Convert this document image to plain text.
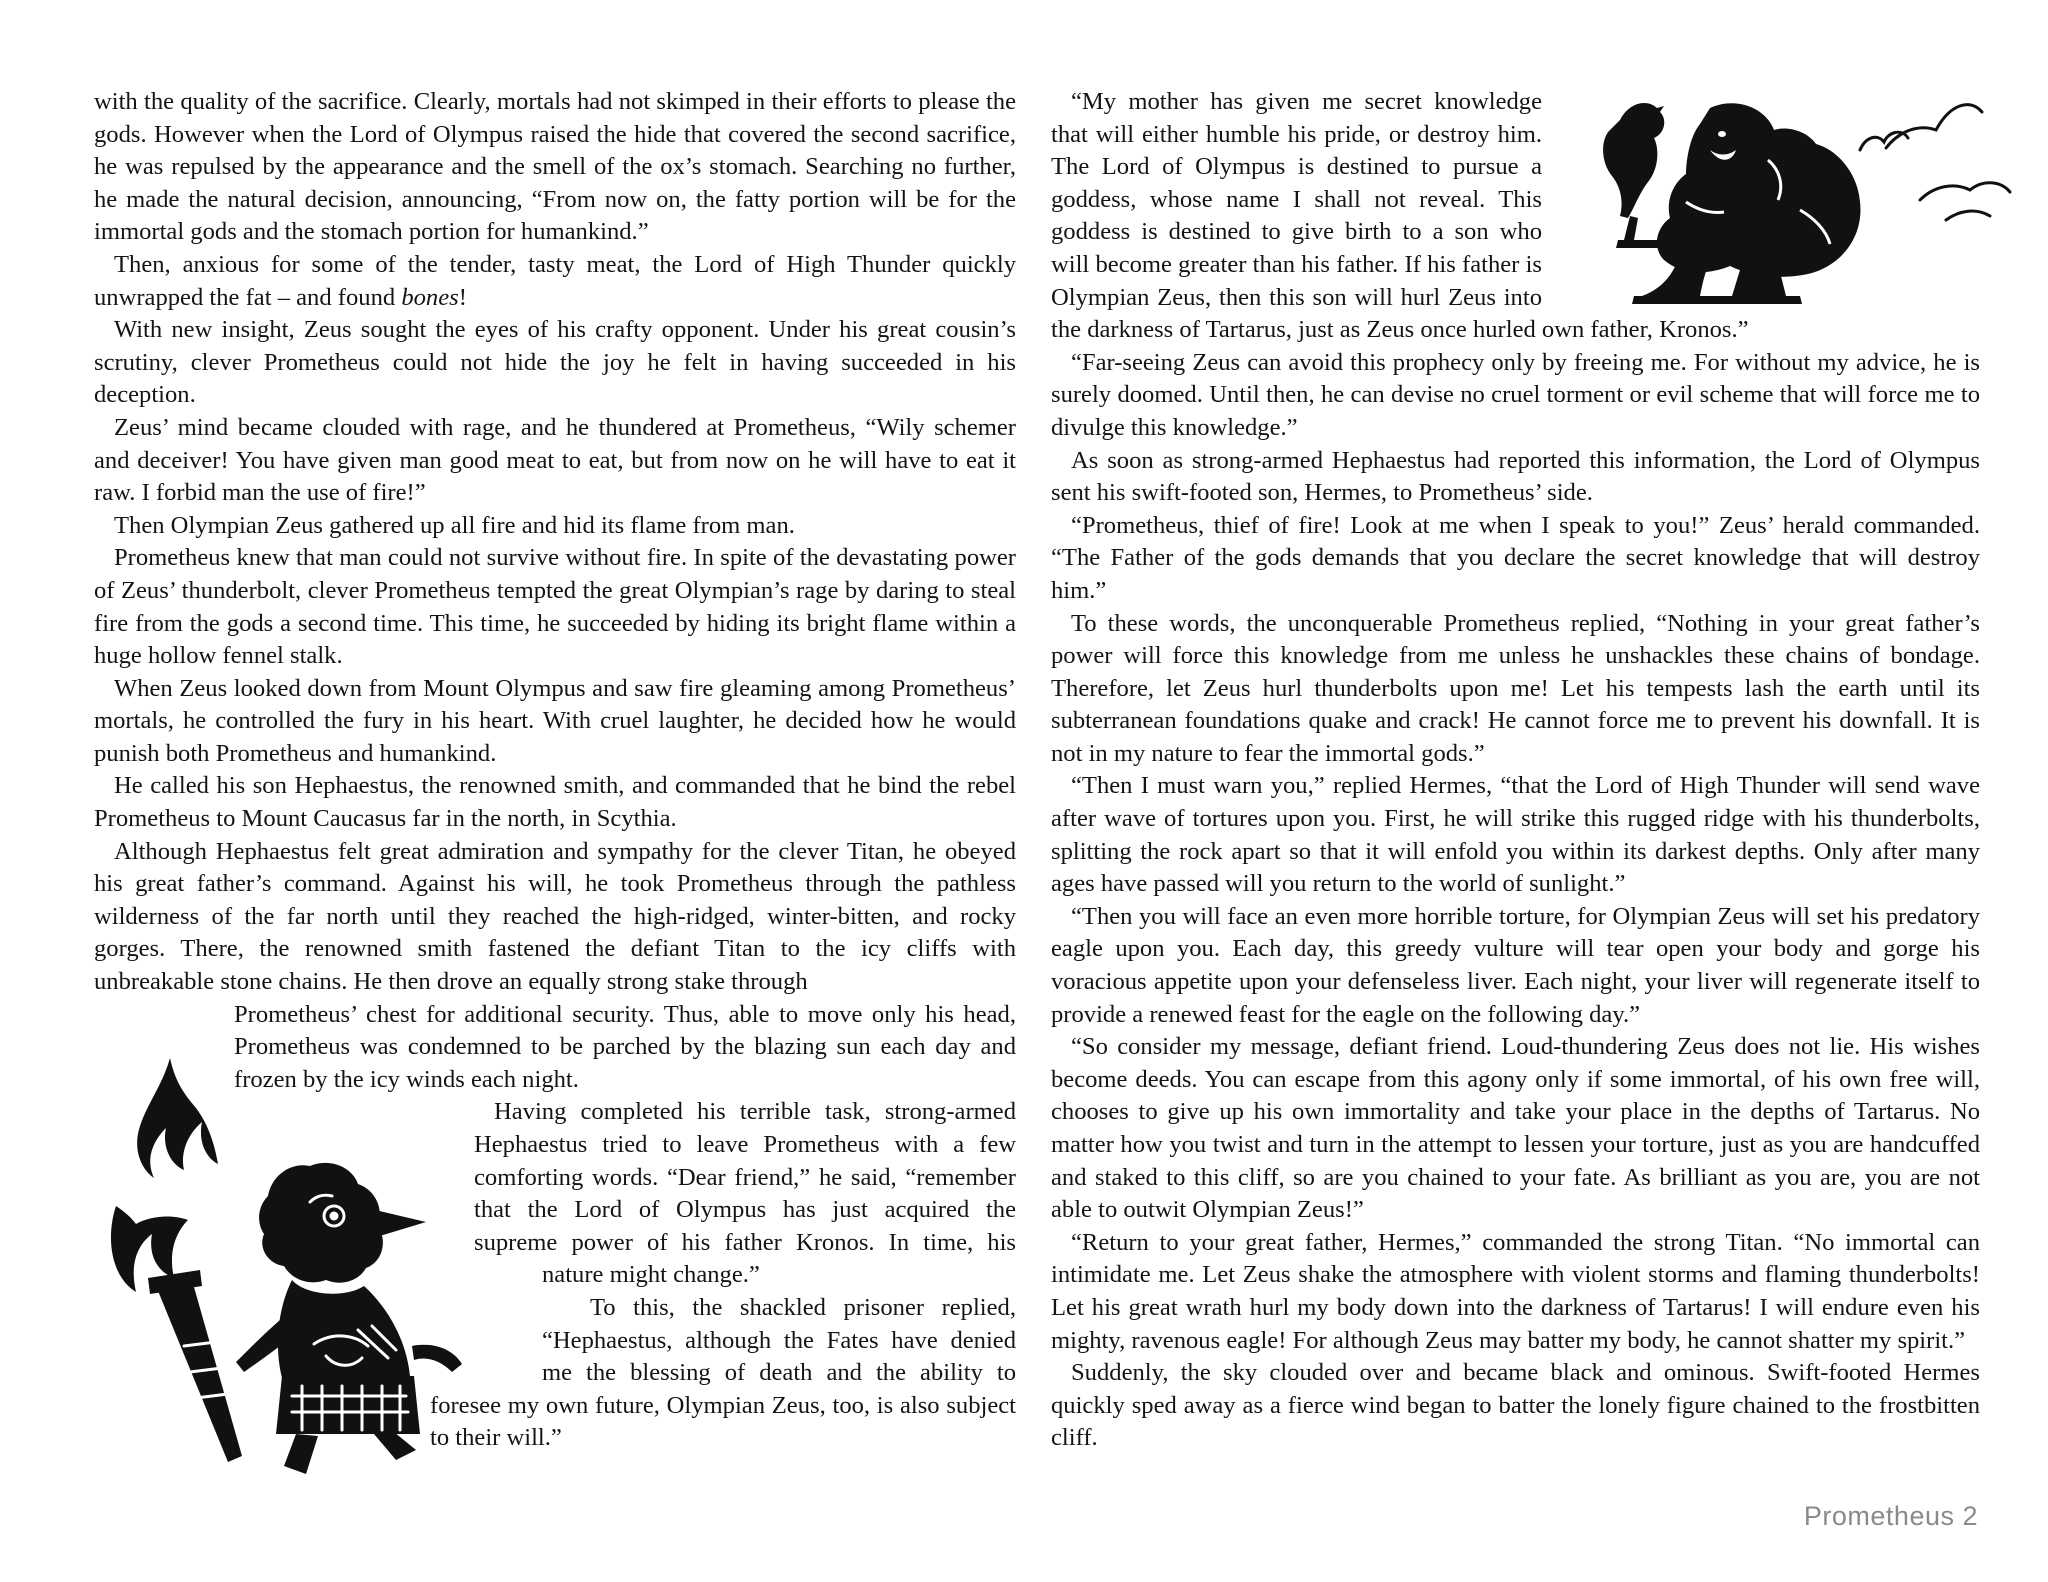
with the quality of the sacrifice. Clearly, mortals had not skimped in their efforts to please the gods. However when the Lord of Olympus raised the hide that covered the second sacrifice, he was repulsed by the appearance and the smell of the ox’s stomach. Searching no further, he made the natural decision, announcing, “From now on, the fatty portion will be for the immortal gods and the stomach portion for humankind.”

Then, anxious for some of the tender, tasty meat, the Lord of High Thunder quickly unwrapped the fat – and found bones!

With new insight, Zeus sought the eyes of his crafty opponent. Under his great cousin’s scrutiny, clever Prometheus could not hide the joy he felt in having succeeded in his deception.

Zeus’ mind became clouded with rage, and he thundered at Prometheus, “Wily schemer and deceiver! You have given man good meat to eat, but from now on he will have to eat it raw. I forbid man the use of fire!”

Then Olympian Zeus gathered up all fire and hid its flame from man.

Prometheus knew that man could not survive without fire. In spite of the devastating power of Zeus’ thunderbolt, clever Prometheus tempted the great Olympian’s rage by daring to steal fire from the gods a second time. This time, he succeeded by hiding its bright flame within a huge hollow fennel stalk.

When Zeus looked down from Mount Olympus and saw fire gleaming among Prometheus’ mortals, he controlled the fury in his heart. With cruel laughter, he decided how he would punish both Prometheus and humankind.

He called his son Hephaestus, the renowned smith, and commanded that he bind the rebel Prometheus to Mount Caucasus far in the north, in Scythia.

Although Hephaestus felt great admiration and sympathy for the clever Titan, he obeyed his great father’s command. Against his will, he took Prometheus through the pathless wilderness of the far north until they reached the high-ridged, winter-bitten, and rocky gorges. There, the renowned smith fastened the defiant Titan to the icy cliffs with unbreakable stone chains. He then drove an equally strong stake through

Prometheus’ chest for additional security. Thus, able to move only his head, Prometheus was condemned to be parched by the blazing sun each day and frozen by the icy winds each night.

Having completed his terrible task, strong-armed Hephaestus tried to leave Prometheus with a few comforting words. “Dear friend,” he said, “remember that the Lord of Olympus has just acquired the supreme power of his father Kronos. In time, his nature might change.”

To this, the shackled prisoner replied, “Hephaestus, although the Fates have denied me the blessing of death and the ability to foresee my own future, Olympian Zeus, too, is also subject to their will.”

“My mother has given me secret knowledge that will either humble his pride, or destroy him. The Lord of Olympus is destined to pursue a goddess, whose name I shall not reveal. This goddess is destined to give birth to a son who will become greater than his father. If his father is Olympian Zeus, then this son will hurl Zeus into the darkness of Tartarus, just as Zeus once hurled own father, Kronos.”

“Far-seeing Zeus can avoid this prophecy only by freeing me. For without my advice, he is surely doomed. Until then, he can devise no cruel torment or evil scheme that will force me to divulge this knowledge.”

As soon as strong-armed Hephaestus had reported this information, the Lord of Olympus sent his swift-footed son, Hermes, to Prometheus’ side.

“Prometheus, thief of fire! Look at me when I speak to you!” Zeus’ herald commanded. “The Father of the gods demands that you declare the secret knowledge that will destroy him.”

To these words, the unconquerable Prometheus replied, “Nothing in your great father’s power will force this knowledge from me unless he unshackles these chains of bondage. Therefore, let Zeus hurl thunderbolts upon me! Let his tempests lash the earth until its subterranean foundations quake and crack! He cannot force me to prevent his downfall. It is not in my nature to fear the immortal gods.”

“Then I must warn you,” replied Hermes, “that the Lord of High Thunder will send wave after wave of tortures upon you. First, he will strike this rugged ridge with his thunderbolts, splitting the rock apart so that it will enfold you within its darkest depths. Only after many ages have passed will you return to the world of sunlight.”

“Then you will face an even more horrible torture, for Olympian Zeus will set his predatory eagle upon you. Each day, this greedy vulture will tear open your body and gorge his voracious appetite upon your defenseless liver. Each night, your liver will regenerate itself to provide a renewed feast for the eagle on the following day.”

“So consider my message, defiant friend. Loud-thundering Zeus does not lie. His wishes become deeds. You can escape from this agony only if some immortal, of his own free will, chooses to give up his own immortality and take your place in the depths of Tartarus. No matter how you twist and turn in the attempt to lessen your torture, just as you are handcuffed and staked to this cliff, so are you chained to your fate. As brilliant as you are, you are not able to outwit Olympian Zeus!”

“Return to your great father, Hermes,” commanded the strong Titan. “No immortal can intimidate me. Let Zeus shake the atmosphere with violent storms and flaming thunderbolts! Let his great wrath hurl my body down into the darkness of Tartarus! I will endure even his mighty, ravenous eagle! For although Zeus may batter my body, he cannot shatter my spirit.”

Suddenly, the sky clouded over and became black and ominous. Swift-footed Hermes quickly sped away as a fierce wind began to batter the lonely figure chained to the frostbitten cliff.

Prometheus 2
